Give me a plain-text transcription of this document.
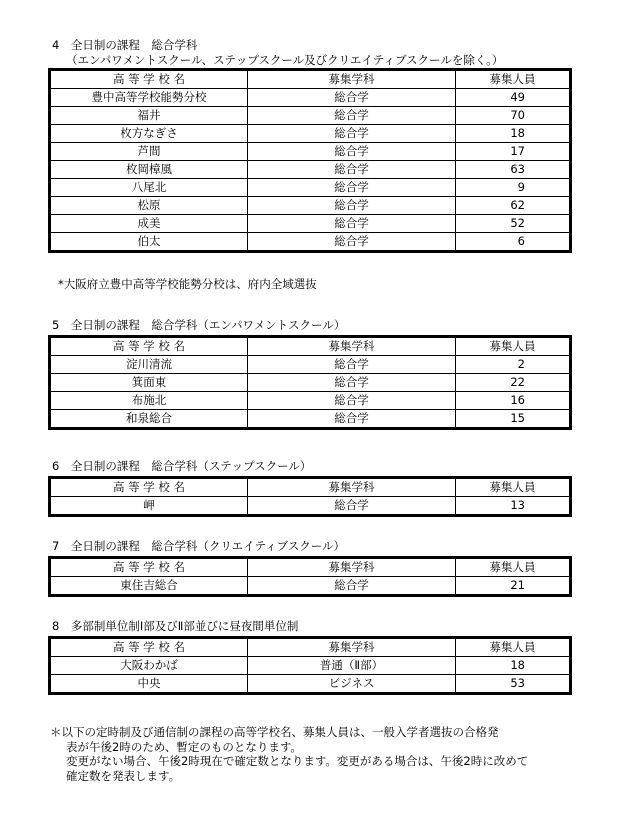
4　全日制の課程　総合学科
（エンパワメントスクール、ステップスクール及びクリエイティブスクールを除く。）
高 等 学 校 名	募集学科	募集人員
豊中高等学校能勢分校	総合学	49
福井	総合学	70
枚方なぎさ	総合学	18
芦間	総合学	17
枚岡樟風	総合学	63
八尾北	総合学	9
松原	総合学	62
成美	総合学	52
伯太	総合学	6
*大阪府立豊中高等学校能勢分校は、府内全域選抜
5　全日制の課程　総合学科（エンパワメントスクール）
高 等 学 校 名	募集学科	募集人員
淀川清流	総合学	2
箕面東	総合学	22
布施北	総合学	16
和泉総合	総合学	15
6　全日制の課程　総合学科（ステップスクール）
高 等 学 校 名	募集学科	募集人員
岬	総合学	13
7　全日制の課程　総合学科（クリエイティブスクール）
高 等 学 校 名	募集学科	募集人員
東住吉総合	総合学	21
8　多部制単位制Ⅰ部及びⅡ部並びに昼夜間単位制
高 等 学 校 名	募集学科	募集人員
大阪わかば	普通（Ⅱ部）	18
中央	ビジネス	53
＊以下の定時制及び通信制の課程の高等学校名、募集人員は、一般入学者選抜の合格発
表が午後2時のため、暫定のものとなります。
変更がない場合、午後2時現在で確定数となります。変更がある場合は、午後2時に改めて
確定数を発表します。
